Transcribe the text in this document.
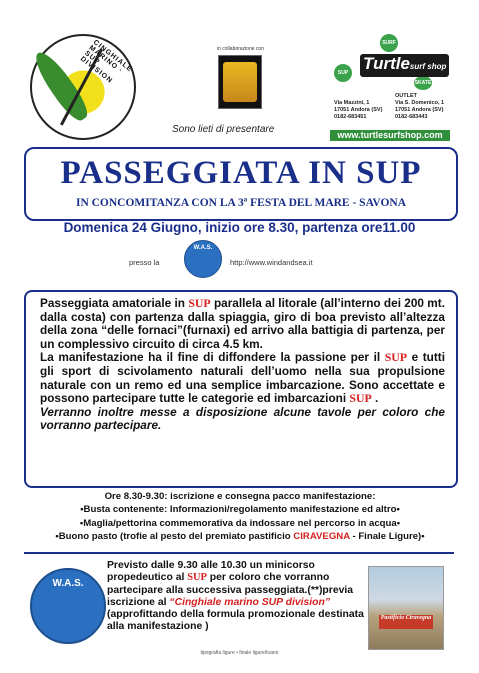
CINGHIALE MARINO · SUP DIVISION
in collaborazione con
SUP
SURF
SKATE
Turtlesurf shop
Via Mazzini, 1
17051 Andora (SV)
0182-683451
OUTLET
Via S. Domenico, 1
17051 Andora (SV)
0182-683443
www.turtlesurfshop.com
Sono lieti di presentare
PASSEGGIATA IN SUP
IN CONCOMITANZA CON LA 3ª FESTA DEL MARE - SAVONA
Domenica 24 Giugno, inizio ore 8.30, partenza ore11.00
presso la
W.A.S.
http://www.windandsea.it
Passeggiata amatoriale in SUP parallela al litorale (all’interno dei 200 mt. dalla costa) con partenza dalla spiaggia, giro di boa previsto all’altezza della zona “delle fornaci”(furnaxi) ed arrivo alla battigia di partenza, per un complessivo circuito di circa 4.5 km.
La manifestazione ha il fine di diffondere la passione per il SUP e tutti gli sport di scivolamento naturali dell’uomo nella sua propulsione naturale con un remo ed una semplice imbarcazione. Sono accettate e possono partecipare tutte le categorie ed imbarcazioni SUP .
Verranno inoltre messe a disposizione alcune tavole per coloro che vorranno partecipare.
Ore 8.30-9.30: iscrizione e consegna pacco manifestazione:
•Busta contenente: Informazioni/regolamento manifestazione ed altro•
•Maglia/pettorina commemorativa da indossare nel percorso in acqua•
•Buono pasto (trofie al pesto del premiato pastificio CIRAVEGNA - Finale Ligure)•
W.A.S.
Previsto dalle 9.30 alle 10.30 un minicorso propedeutico al SUP per coloro che vorranno partecipare alla successiva passeggiata.(**)previa iscrizione al “Cinghiale marino SUP division” (approfittando della formula promozionale destinata alla manifestazione )
Pastificio Ciravegna
tipografia ligure • finale ligure/loano
